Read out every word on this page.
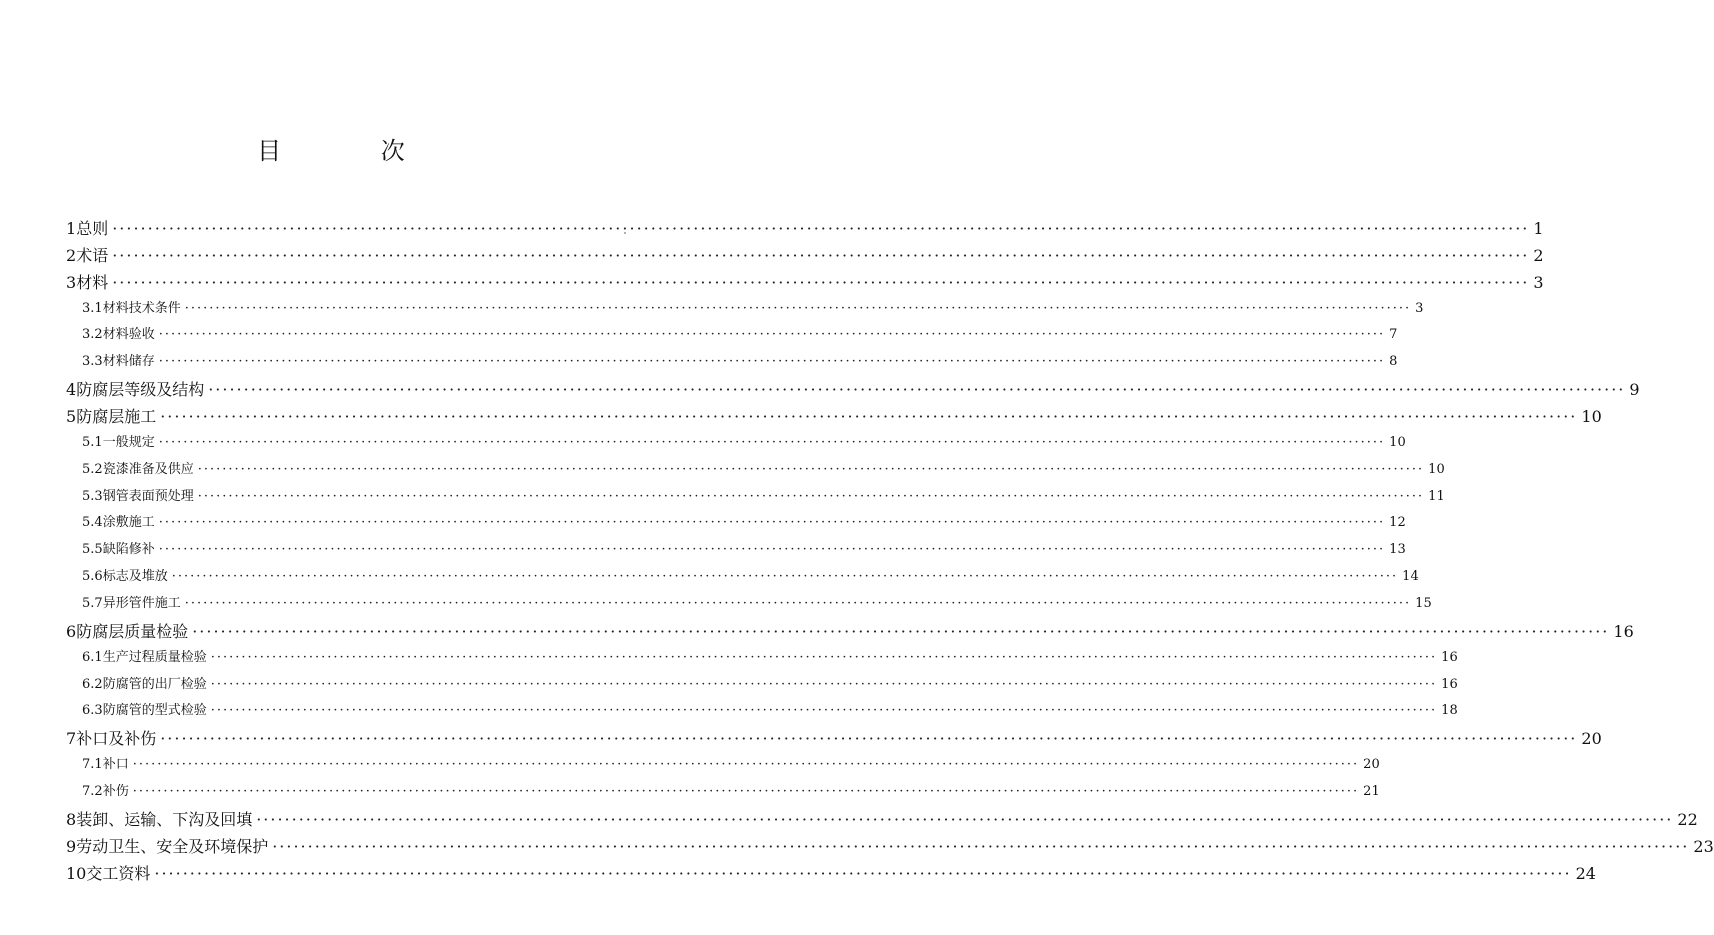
目 次
1 总则 ········································································································································································································ 1
2 术语 ········································································································································································································ 2
3 材料 ········································································································································································································ 3
3.1 材料技术条件 ········································································································································································································ 3
3.2 材料验收 ········································································································································································································ 7
3.3 材料储存 ········································································································································································································ 8
4 防腐层等级及结构 ········································································································································································································ 9
5 防腐层施工 ········································································································································································································ 10
5.1 一般规定 ········································································································································································································ 10
5.2 瓷漆准备及供应 ········································································································································································································ 10
5.3 钢管表面预处理 ········································································································································································································ 11
5.4 涂敷施工 ········································································································································································································ 12
5.5 缺陷修补 ········································································································································································································ 13
5.6 标志及堆放 ········································································································································································································ 14
5.7 异形管件施工 ········································································································································································································ 15
6 防腐层质量检验 ········································································································································································································ 16
6.1 生产过程质量检验 ········································································································································································································ 16
6.2 防腐管的出厂检验 ········································································································································································································ 16
6.3 防腐管的型式检验 ········································································································································································································ 18
7 补口及补伤 ········································································································································································································ 20
7.1 补口 ········································································································································································································ 20
7.2 补伤 ········································································································································································································ 21
8 装卸、运输、下沟及回填 ········································································································································································································ 22
9 劳动卫生、安全及环境保护 ········································································································································································································ 23
10 交工资料 ········································································································································································································ 24
